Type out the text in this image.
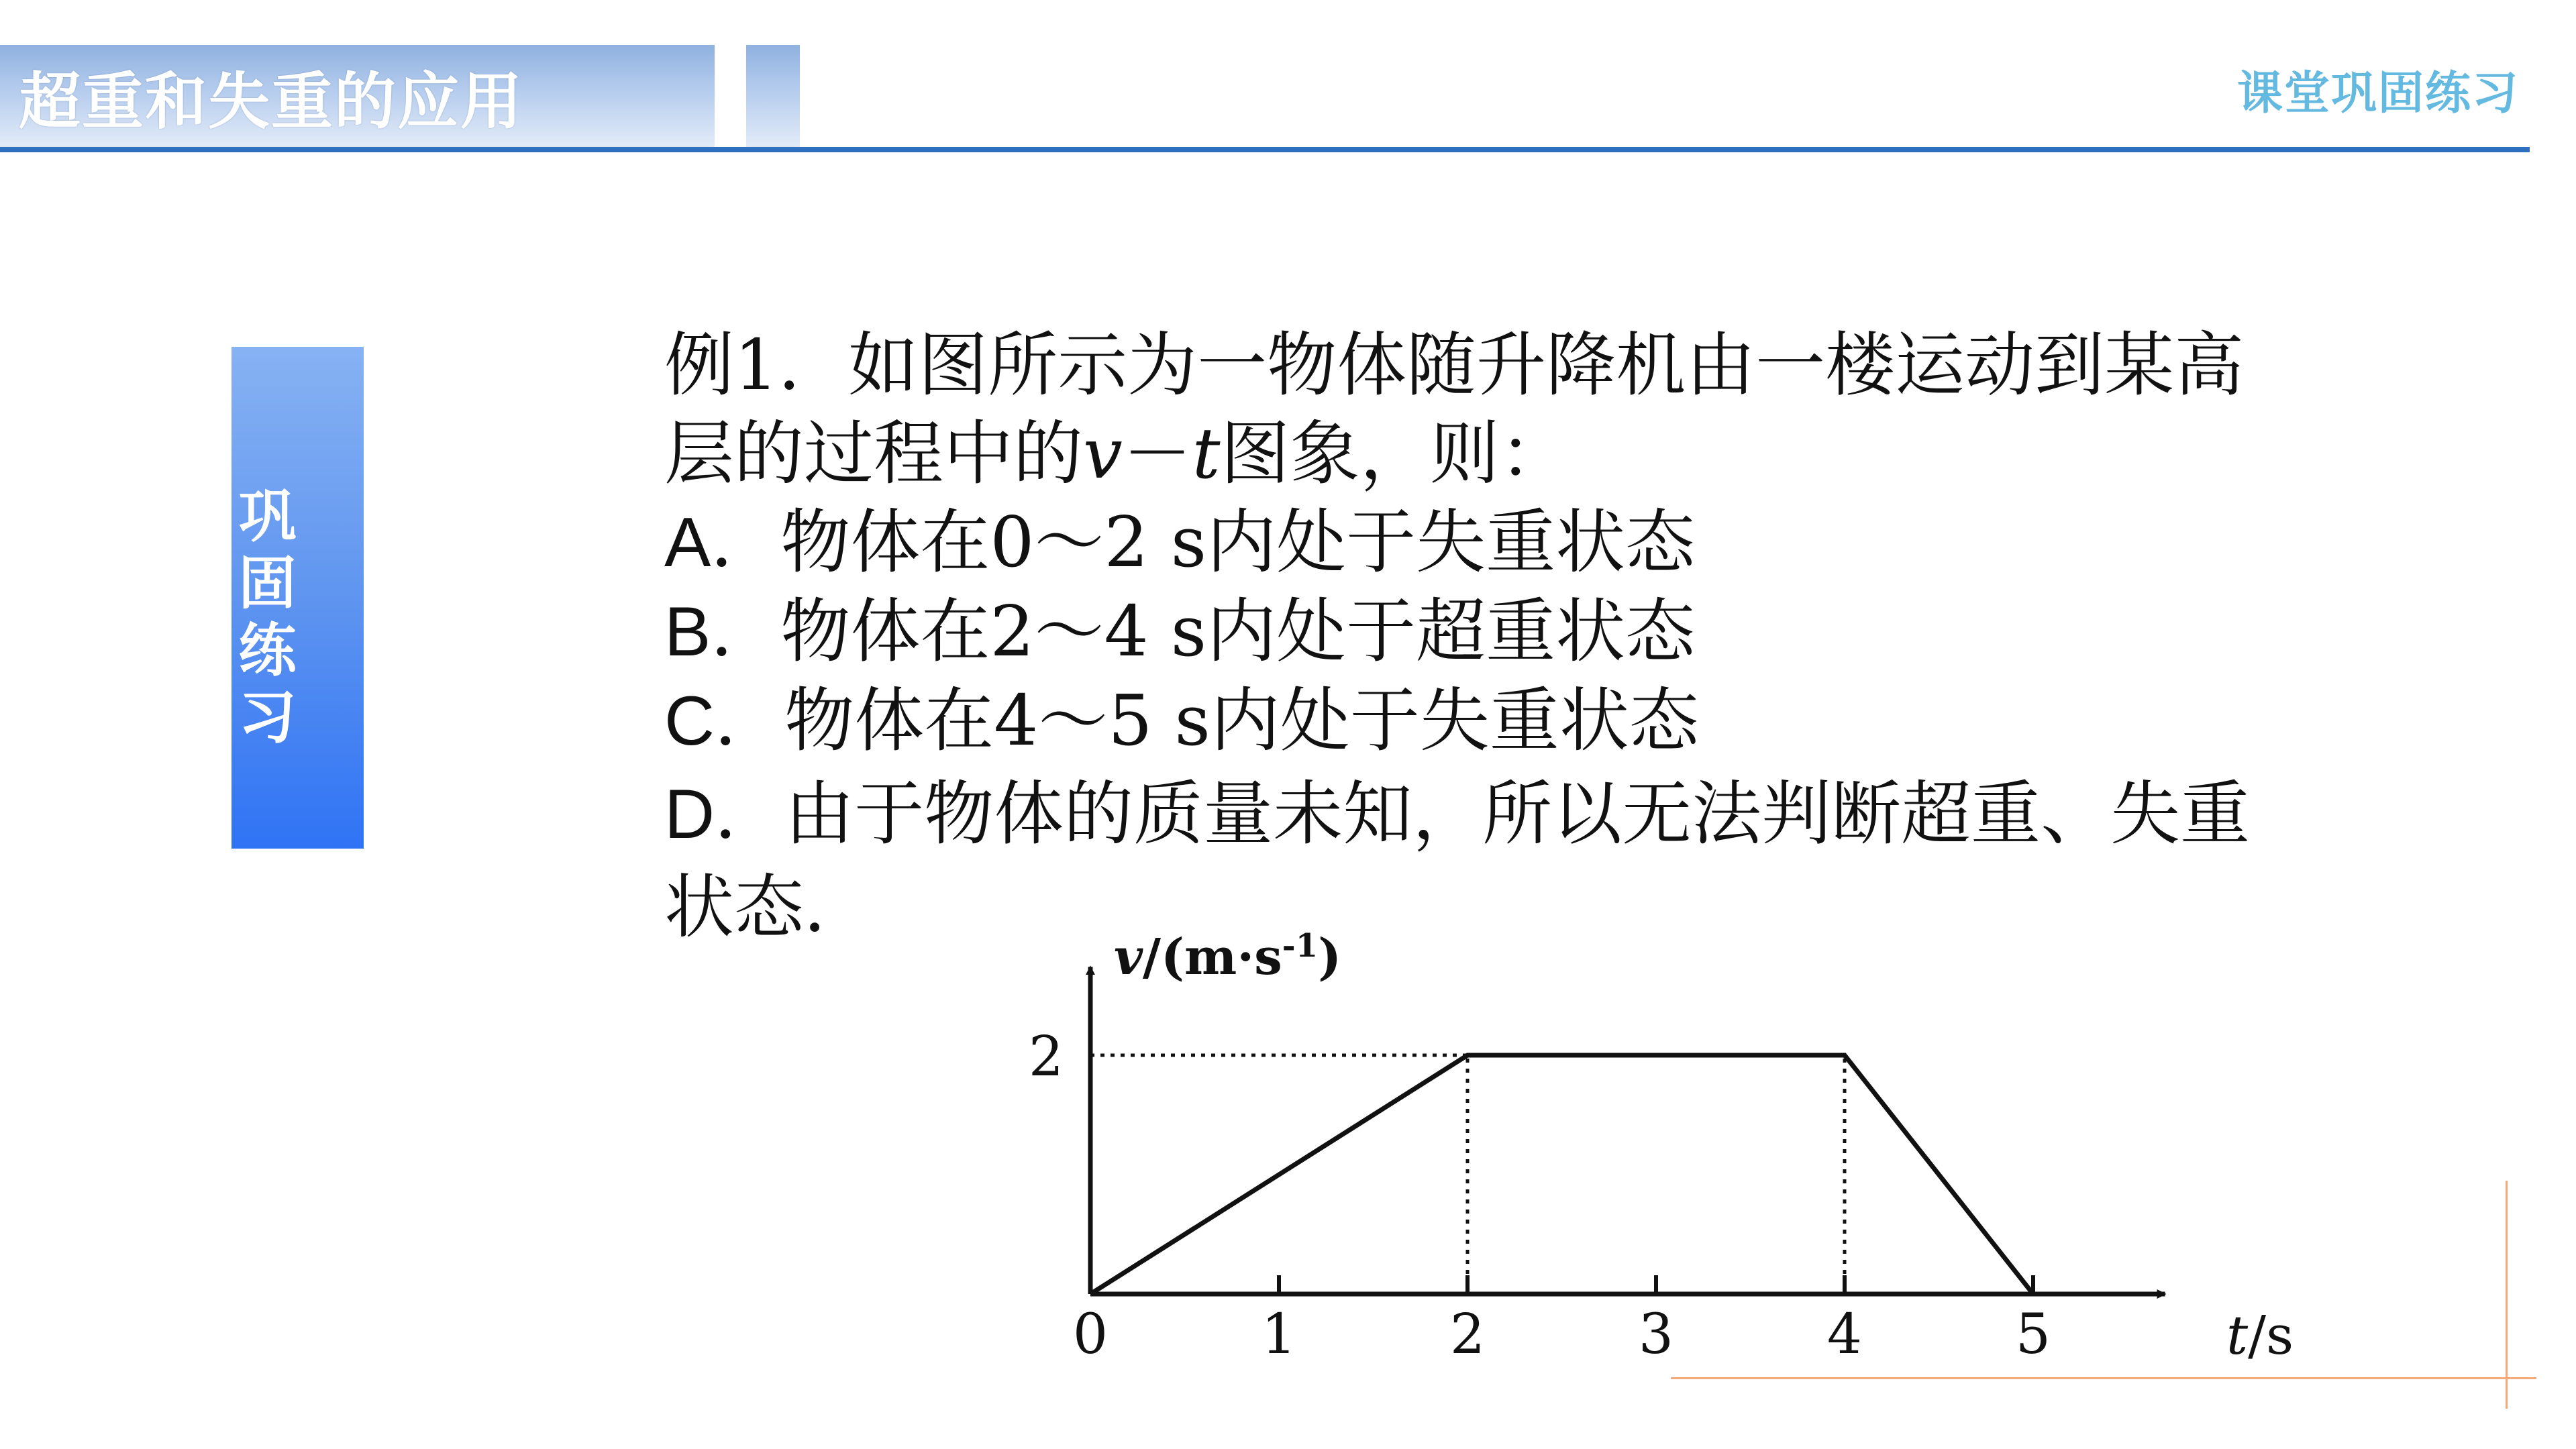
超重和失重的应用	课堂巩固练习
巩
固
练
习
例1．如图所示为一物体随升降机由一楼运动到某高
层的过程中的v－t图象，则：
A．物体在0～2 s内处于失重状态
B．物体在2～4 s内处于超重状态
C．物体在4～5 s内处于失重状态
D．由于物体的质量未知，所以无法判断超重、失重
状态．
0	1	2	3	4	5
2
$v/(m\cdot s^{-1})$
t/s
